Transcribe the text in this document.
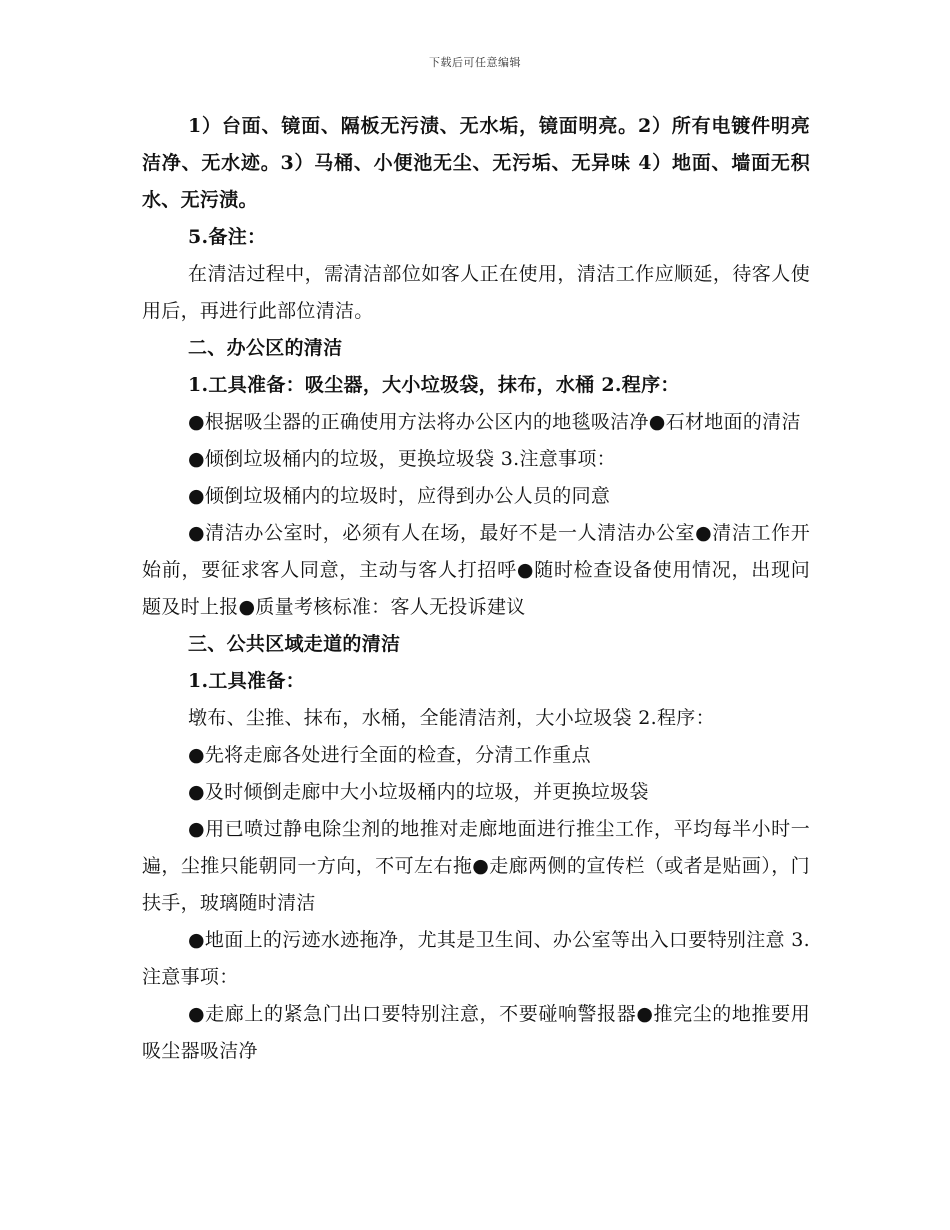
下载后可任意编辑

1）台面、镜面、隔板无污渍、无水垢，镜面明亮。2）所有电镀件明亮洁净、无水迹。3）马桶、小便池无尘、无污垢、无异味 4）地面、墙面无积水、无污渍。

5.备注：

在清洁过程中，需清洁部位如客人正在使用，清洁工作应顺延，待客人使用后，再进行此部位清洁。

二、办公区的清洁

1.工具准备：吸尘器，大小垃圾袋，抹布，水桶 2.程序：

●根据吸尘器的正确使用方法将办公区内的地毯吸洁净●石材地面的清洁

●倾倒垃圾桶内的垃圾，更换垃圾袋 3.注意事项：

●倾倒垃圾桶内的垃圾时，应得到办公人员的同意

●清洁办公室时，必须有人在场，最好不是一人清洁办公室●清洁工作开始前，要征求客人同意，主动与客人打招呼●随时检查设备使用情况，出现问题及时上报●质量考核标准：客人无投诉建议

三、公共区域走道的清洁

1.工具准备：

墩布、尘推、抹布，水桶，全能清洁剂，大小垃圾袋 2.程序：

●先将走廊各处进行全面的检查，分清工作重点

●及时倾倒走廊中大小垃圾桶内的垃圾，并更换垃圾袋

●用已喷过静电除尘剂的地推对走廊地面进行推尘工作，平均每半小时一遍，尘推只能朝同一方向，不可左右拖●走廊两侧的宣传栏（或者是贴画），门扶手，玻璃随时清洁

●地面上的污迹水迹拖净，尤其是卫生间、办公室等出入口要特别注意 3.注意事项：

●走廊上的紧急门出口要特别注意，不要碰响警报器●推完尘的地推要用吸尘器吸洁净
